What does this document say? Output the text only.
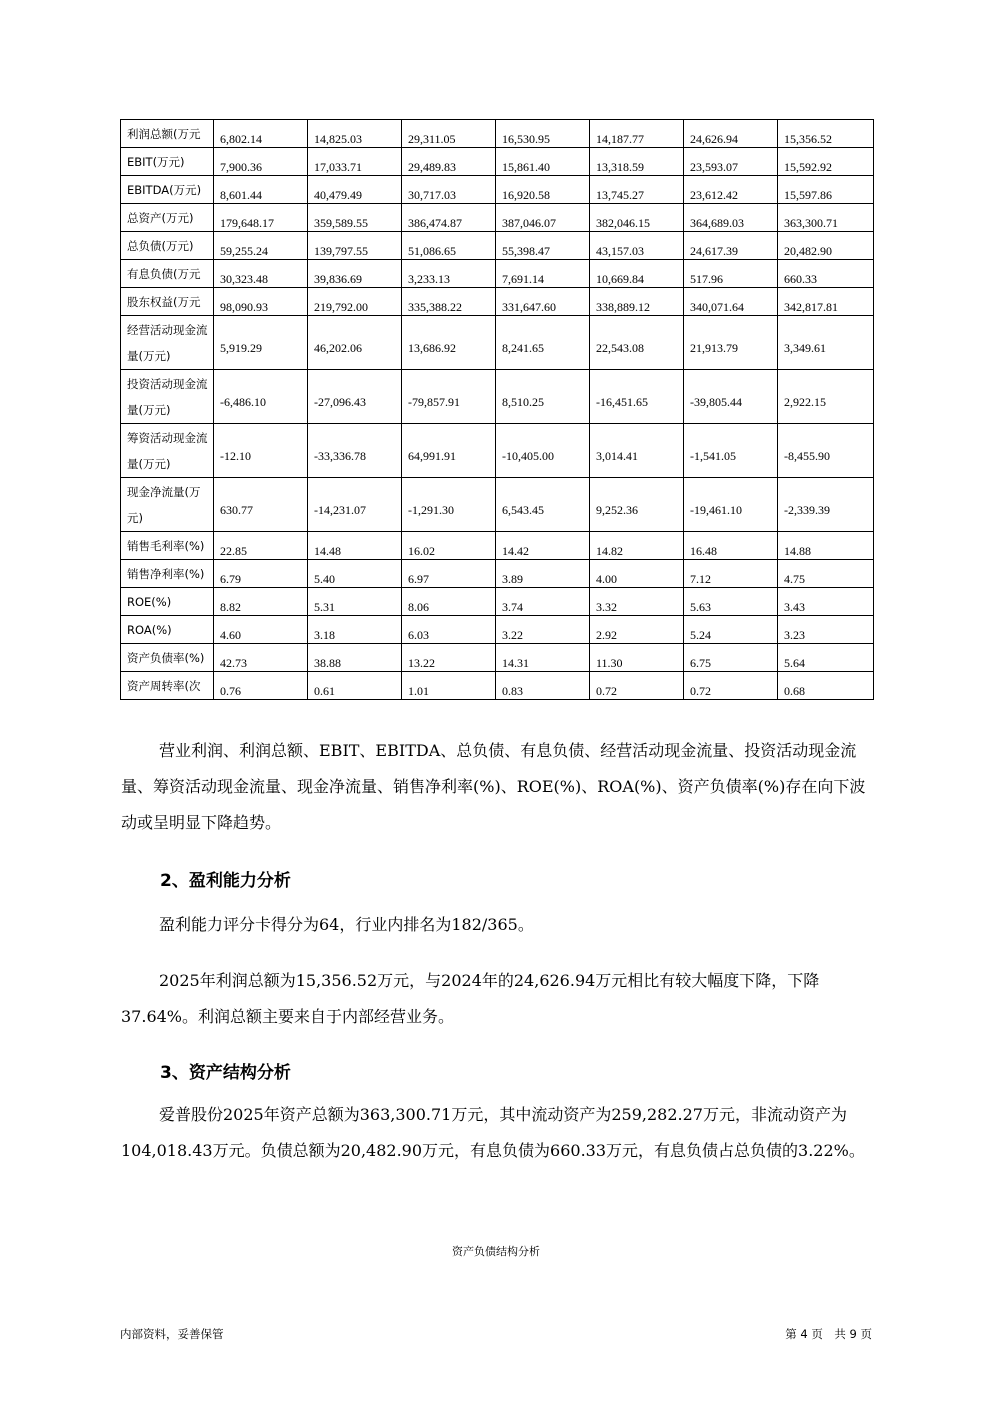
利润总额(万元	6,802.14	14,825.03	29,311.05	16,530.95	14,187.77	24,626.94	15,356.52
EBIT(万元)	7,900.36	17,033.71	29,489.83	15,861.40	13,318.59	23,593.07	15,592.92
EBITDA(万元)	8,601.44	40,479.49	30,717.03	16,920.58	13,745.27	23,612.42	15,597.86
总资产(万元)	179,648.17	359,589.55	386,474.87	387,046.07	382,046.15	364,689.03	363,300.71
总负债(万元)	59,255.24	139,797.55	51,086.65	55,398.47	43,157.03	24,617.39	20,482.90
有息负债(万元	30,323.48	39,836.69	3,233.13	7,691.14	10,669.84	517.96	660.33
股东权益(万元	98,090.93	219,792.00	335,388.22	331,647.60	338,889.12	340,071.64	342,817.81
经营活动现金流量(万元)	5,919.29	46,202.06	13,686.92	8,241.65	22,543.08	21,913.79	3,349.61
投资活动现金流量(万元)	-6,486.10	-27,096.43	-79,857.91	8,510.25	-16,451.65	-39,805.44	2,922.15
筹资活动现金流量(万元)	-12.10	-33,336.78	64,991.91	-10,405.00	3,014.41	-1,541.05	-8,455.90
现金净流量(万元)	630.77	-14,231.07	-1,291.30	6,543.45	9,252.36	-19,461.10	-2,339.39
销售毛利率(%)	22.85	14.48	16.02	14.42	14.82	16.48	14.88
销售净利率(%)	6.79	5.40	6.97	3.89	4.00	7.12	4.75
ROE(%)	8.82	5.31	8.06	3.74	3.32	5.63	3.43
ROA(%)	4.60	3.18	6.03	3.22	2.92	5.24	3.23
资产负债率(%)	42.73	38.88	13.22	14.31	11.30	6.75	5.64
资产周转率(次	0.76	0.61	1.01	0.83	0.72	0.72	0.68
营业利润、利润总额、EBIT、EBITDA、总负债、有息负债、经营活动现金流量、投资活动现金流量、筹资活动现金流量、现金净流量、销售净利率(%)、ROE(%)、ROA(%)、资产负债率(%)存在向下波动或呈明显下降趋势。
2、盈利能力分析
盈利能力评分卡得分为64，行业内排名为182/365。
2025年利润总额为15,356.52万元，与2024年的24,626.94万元相比有较大幅度下降，下降37.64%。利润总额主要来自于内部经营业务。
3、资产结构分析
爱普股份2025年资产总额为363,300.71万元，其中流动资产为259,282.27万元，非流动资产为104,018.43万元。负债总额为20,482.90万元，有息负债为660.33万元，有息负债占总负债的3.22%。
资产负债结构分析
内部资料，妥善保管	第 4 页　共 9 页
